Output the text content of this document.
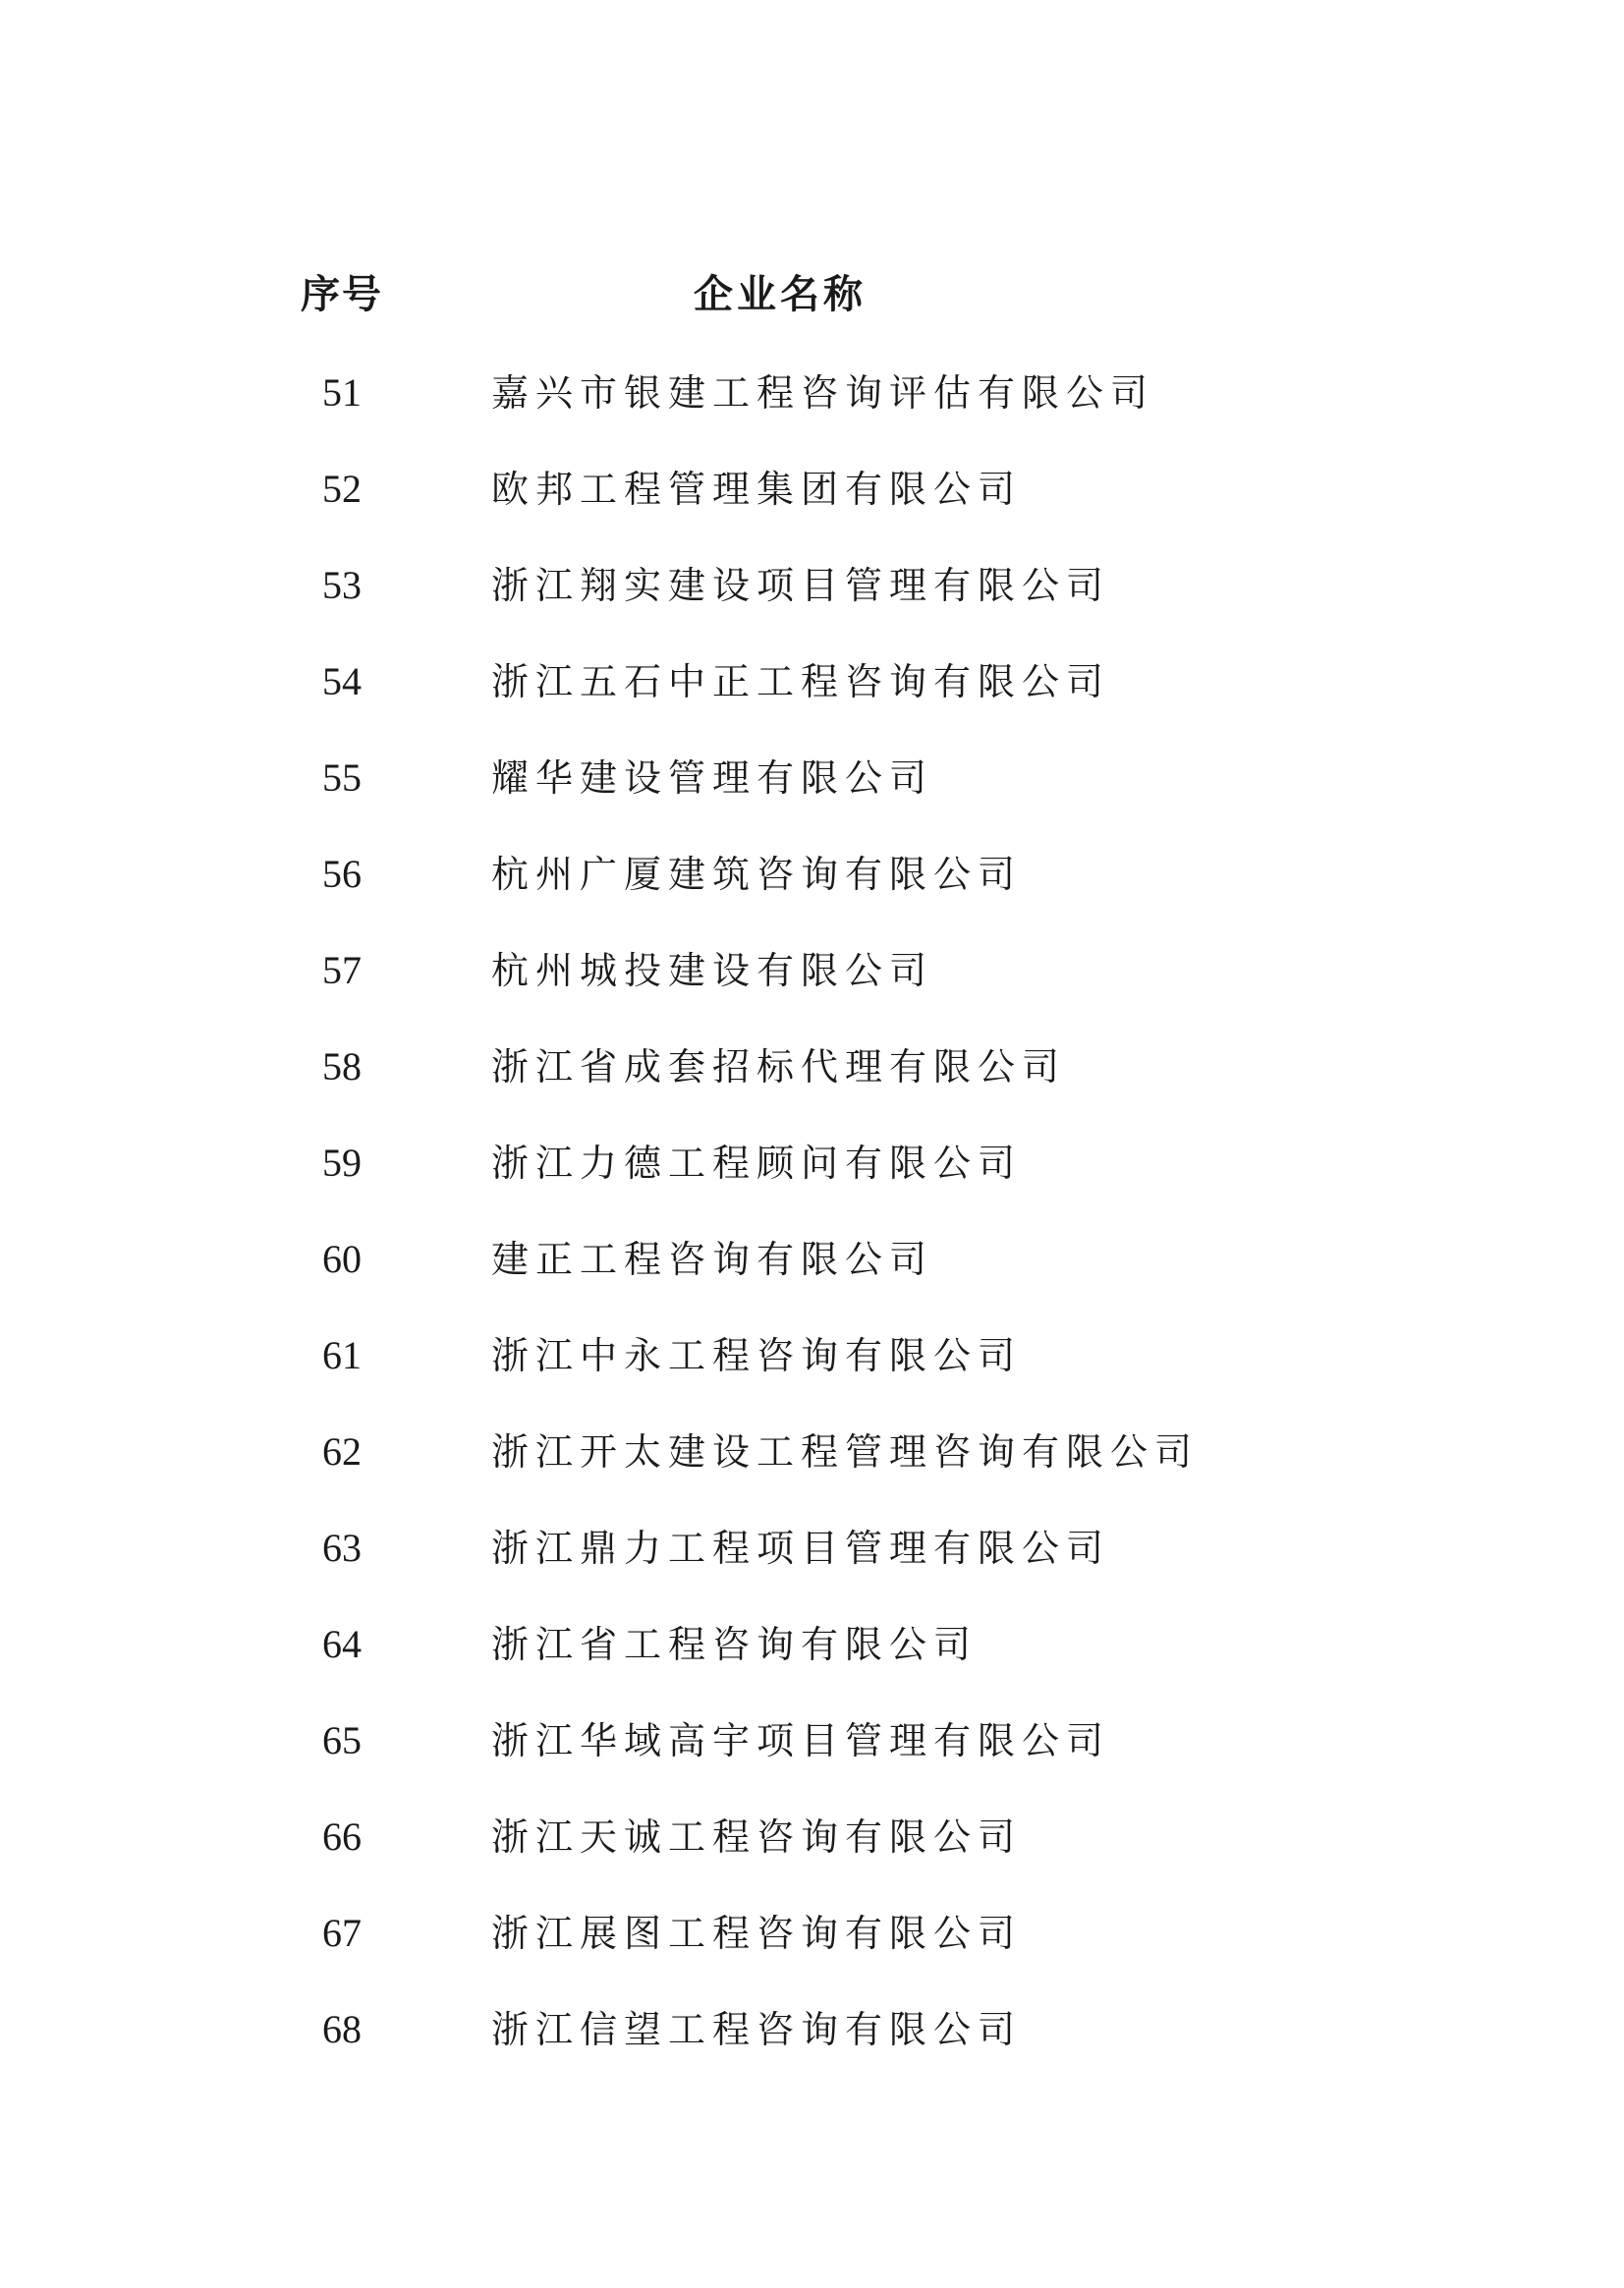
序号	企业名称
51	嘉兴市银建工程咨询评估有限公司
52	欧邦工程管理集团有限公司
53	浙江翔实建设项目管理有限公司
54	浙江五石中正工程咨询有限公司
55	耀华建设管理有限公司
56	杭州广厦建筑咨询有限公司
57	杭州城投建设有限公司
58	浙江省成套招标代理有限公司
59	浙江力德工程顾问有限公司
60	建正工程咨询有限公司
61	浙江中永工程咨询有限公司
62	浙江开太建设工程管理咨询有限公司
63	浙江鼎力工程项目管理有限公司
64	浙江省工程咨询有限公司
65	浙江华域高宇项目管理有限公司
66	浙江天诚工程咨询有限公司
67	浙江展图工程咨询有限公司
68	浙江信望工程咨询有限公司
